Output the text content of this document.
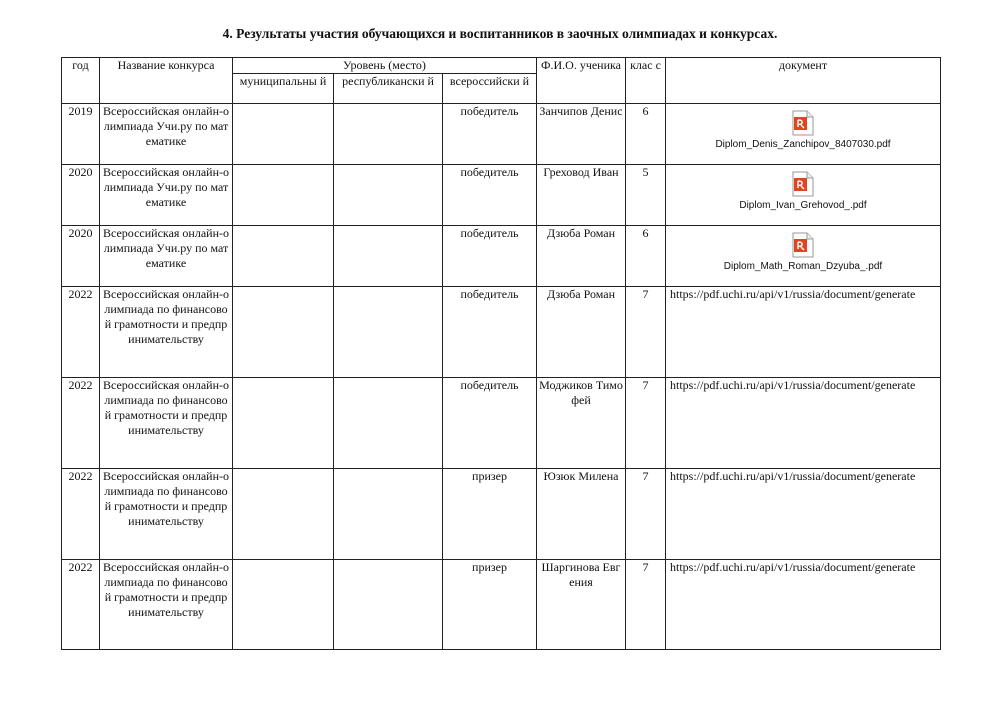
4. Результаты участия обучающихся и воспитанников в заочных олимпиадах и конкурсах.
год	Название конкурса	Уровень (место)			Ф.И.О. ученика	клас с	документ
		муниципальны й	республикански й	всероссийски й			
2019	Всероссийская онлайн-олимпиада Учи.ру по математике			победитель	Занчипов Денис	6	Diplom_Denis_Zanchipov_8407030.pdf

2020	Всероссийская онлайн-олимпиада Учи.ру по математике			победитель	Греховод Иван	5	Diplom_Ivan_Grehovod_.pdf

2020	Всероссийская онлайн-олимпиада Учи.ру по математике			победитель	Дзюба Роман	6	Diplom_Math_Roman_Dzyuba_.pdf

2022	Всероссийская онлайн-олимпиада по финансовой грамотности и предпринимательству			победитель	Дзюба Роман	7	https://pdf.uchi.ru/api/v1/russia/document/generate
2022	Всероссийская онлайн-олимпиада по финансовой грамотности и предпринимательству			победитель	Моджиков Тимофей	7	https://pdf.uchi.ru/api/v1/russia/document/generate
2022	Всероссийская онлайн-олимпиада по финансовой грамотности и предпринимательству			призер	Юзюк Милена	7	https://pdf.uchi.ru/api/v1/russia/document/generate
2022	Всероссийская онлайн-олимпиада по финансовой грамотности и предпринимательству			призер	Шаргинова Евгения	7	https://pdf.uchi.ru/api/v1/russia/document/generate
